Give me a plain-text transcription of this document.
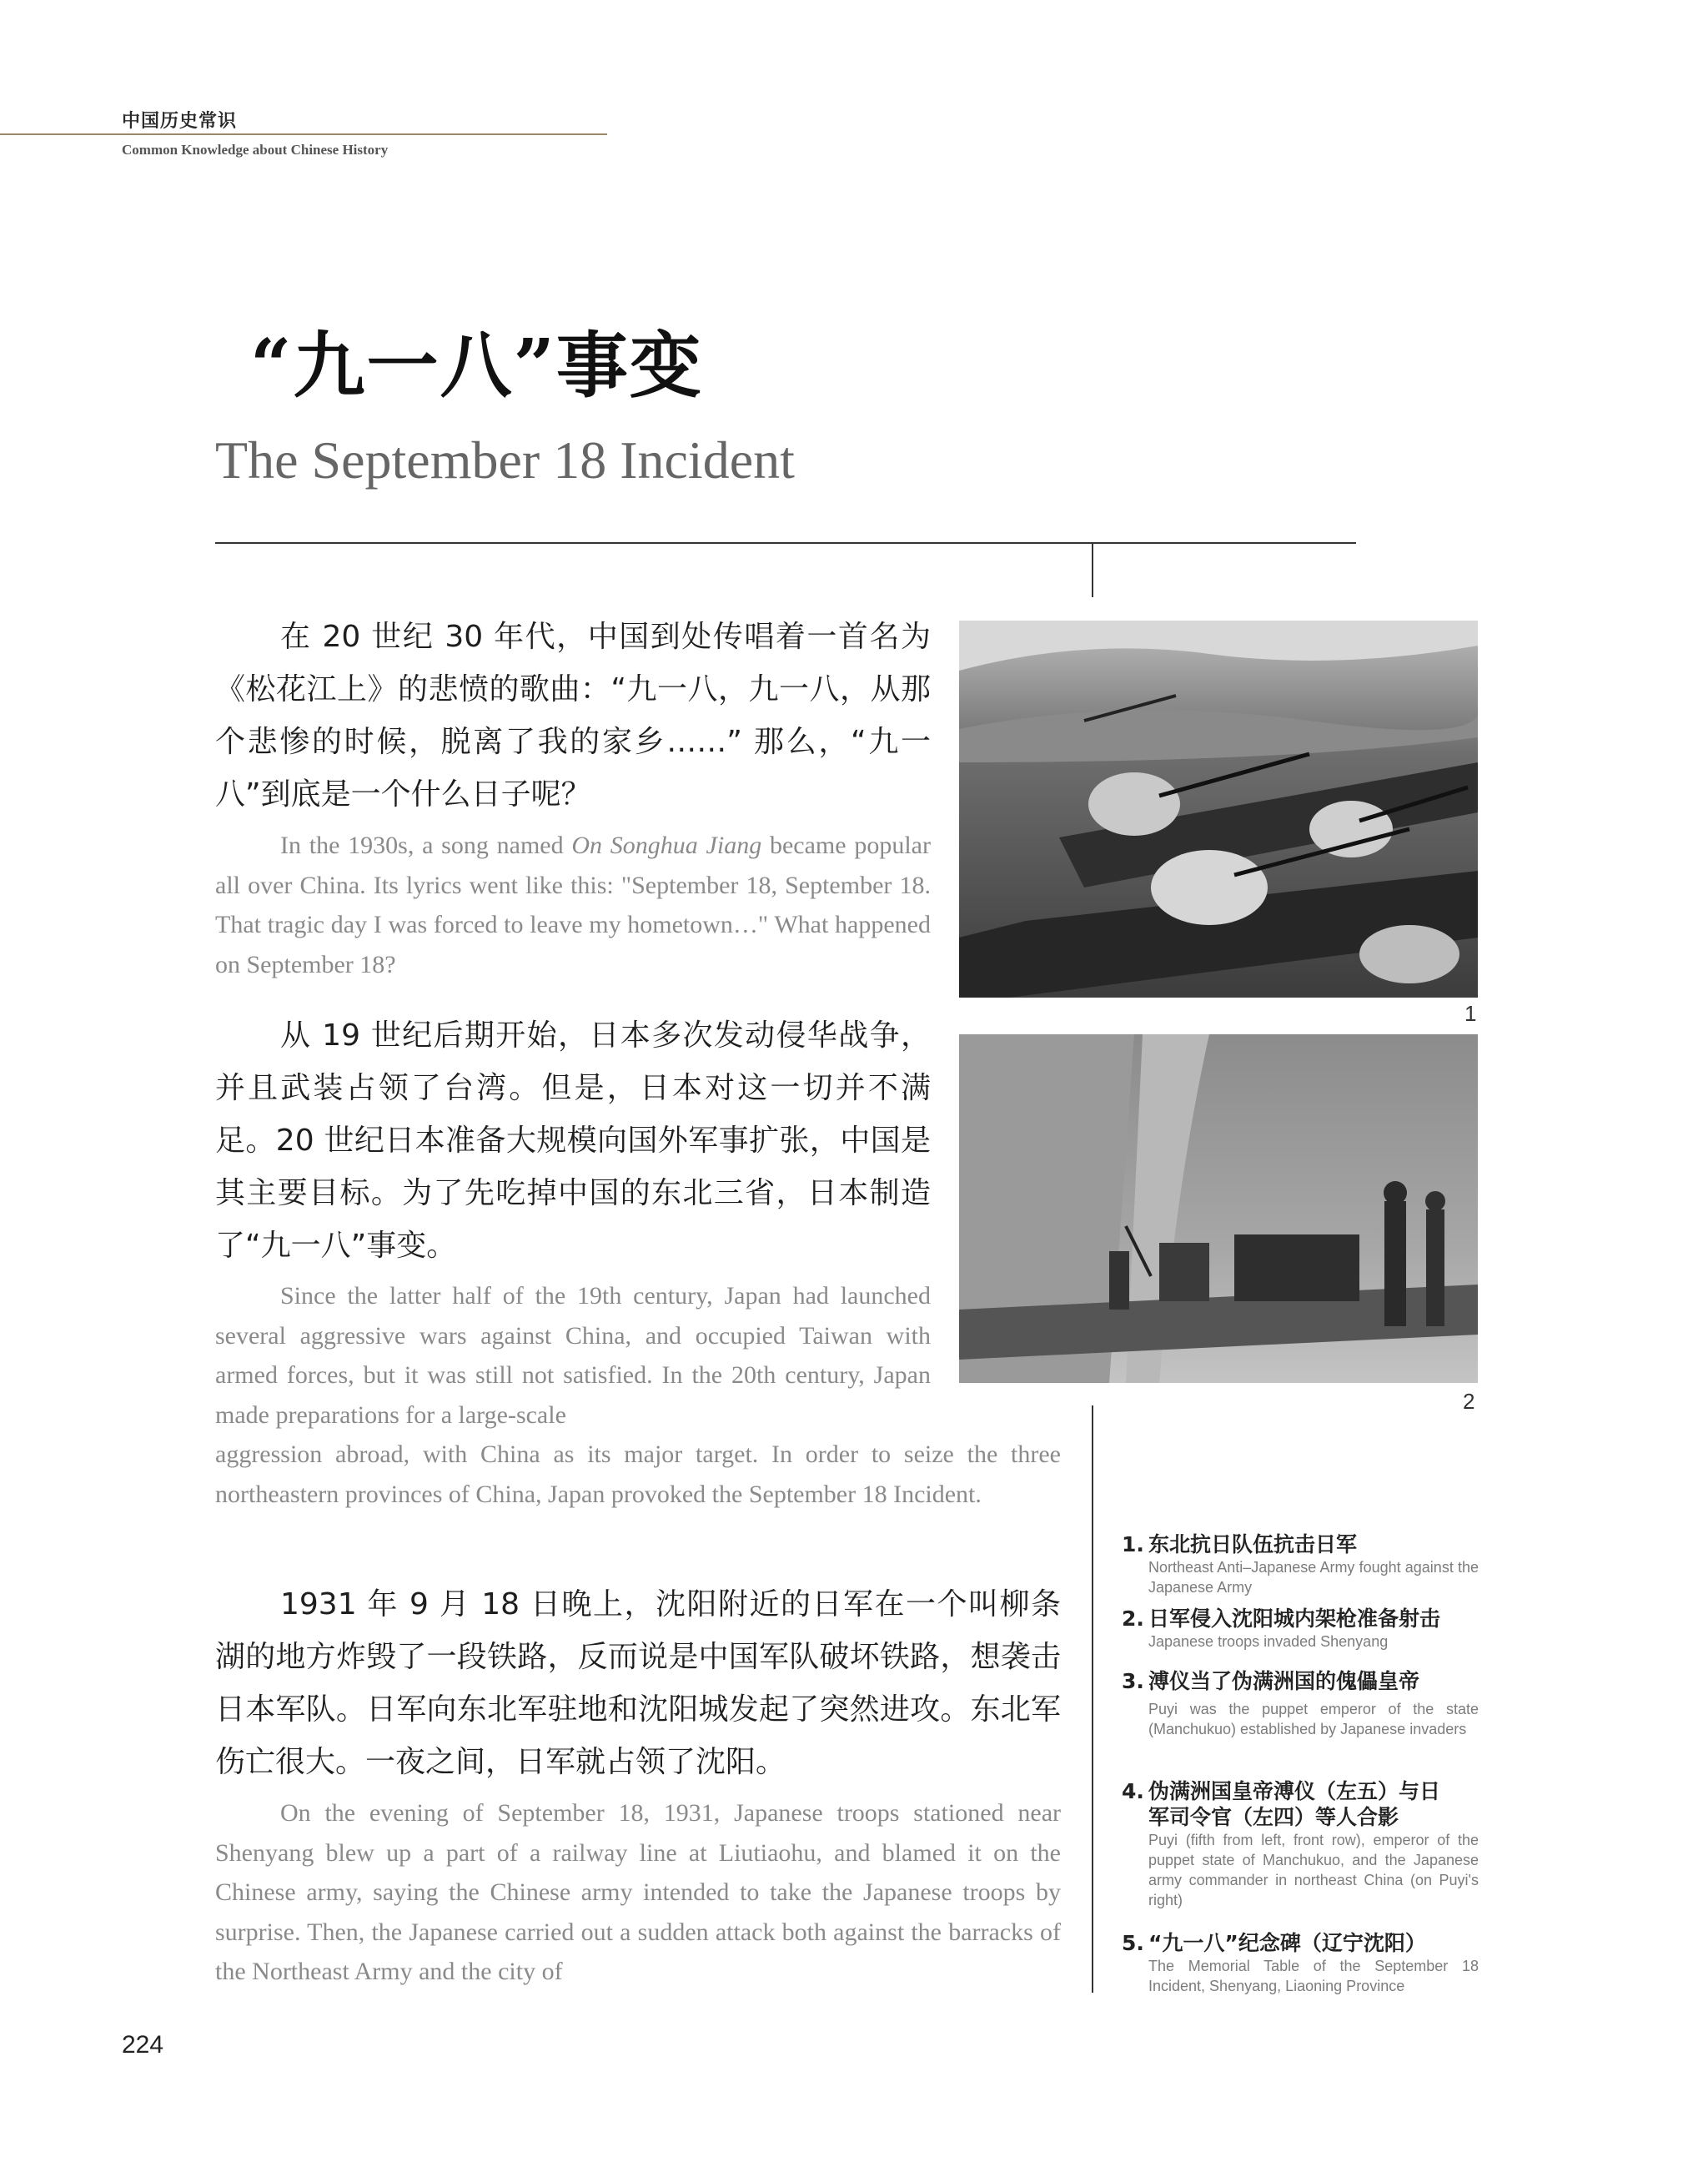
中国历史常识
Common Knowledge about Chinese History
“九一八”事变
The September 18 Incident
在 20 世纪 30 年代，中国到处传唱着一首名为《松花江上》的悲愤的歌曲：“九一八，九一八，从那个悲惨的时候，脱离了我的家乡……” 那么，“九一八”到底是一个什么日子呢？
In the 1930s, a song named On Songhua Jiang became popular all over China. Its lyrics went like this: "September 18, September 18. That tragic day I was forced to leave my hometown…" What happened on September 18?
从 19 世纪后期开始，日本多次发动侵华战争，并且武装占领了台湾。但是，日本对这一切并不满足。20 世纪日本准备大规模向国外军事扩张，中国是其主要目标。为了先吃掉中国的东北三省，日本制造了“九一八”事变。
Since the latter half of the 19th century, Japan had launched several aggressive wars against China, and occupied Taiwan with armed forces, but it was still not satisfied. In the 20th century, Japan made preparations for a large-scale
aggression abroad, with China as its major target. In order to seize the three northeastern provinces of China, Japan provoked the September 18 Incident.
1931 年 9 月 18 日晚上，沈阳附近的日军在一个叫柳条湖的地方炸毁了一段铁路，反而说是中国军队破坏铁路，想袭击日本军队。日军向东北军驻地和沈阳城发起了突然进攻。东北军伤亡很大。一夜之间，日军就占领了沈阳。
On the evening of September 18, 1931, Japanese troops stationed near Shenyang blew up a part of a railway line at Liutiaohu, and blamed it on the Chinese army, saying the Chinese army intended to take the Japanese troops by surprise. Then, the Japanese carried out a sudden attack both against the barracks of the Northeast Army and the city of
1
2
1. 东北抗日队伍抗击日军
Northeast Anti–Japanese Army fought against the Japanese Army
2. 日军侵入沈阳城内架枪准备射击
Japanese troops invaded Shenyang
3. 溥仪当了伪满洲国的傀儡皇帝
Puyi was the puppet emperor of the state (Manchukuo) established by Japanese invaders
4. 伪满洲国皇帝溥仪（左五）与日
军司令官（左四）等人合影
Puyi (fifth from left, front row), emperor of the puppet state of Manchukuo, and the Japanese army commander in northeast China (on Puyi's right)
5. “九一八”纪念碑（辽宁沈阳）
The Memorial Table of the September 18 Incident, Shenyang, Liaoning Province
224
